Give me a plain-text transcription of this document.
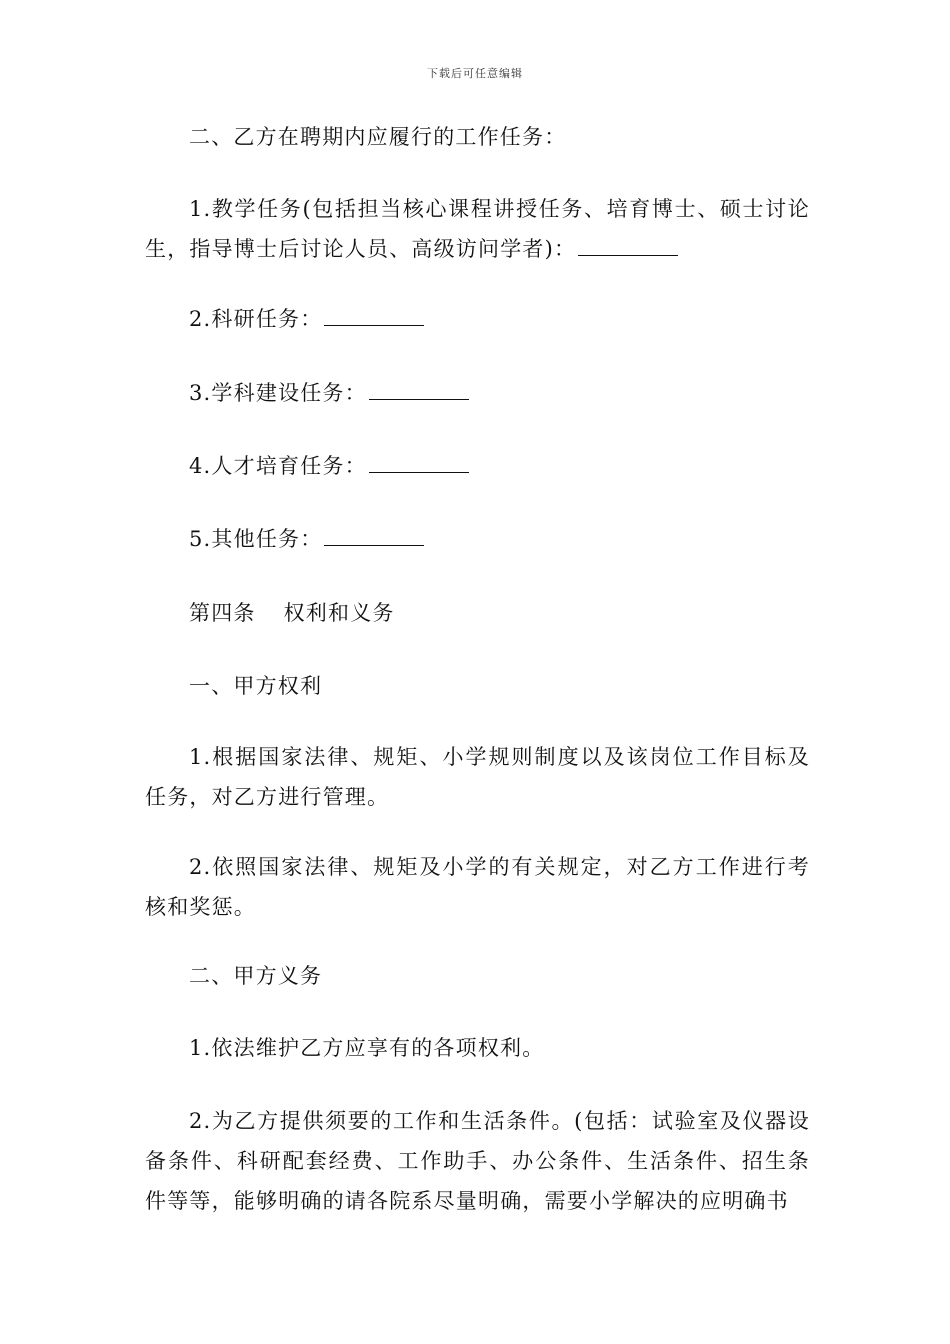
下载后可任意编辑

二、乙方在聘期内应履行的工作任务：

1.教学任务(包括担当核心课程讲授任务、培育博士、硕士讨论生，指导博士后讨论人员、高级访问学者)：

2.科研任务：

3.学科建设任务：

4.人才培育任务：

5.其他任务：

第四条 权利和义务

一、甲方权利

1.根据国家法律、规矩、小学规则制度以及该岗位工作目标及任务，对乙方进行管理。

2.依照国家法律、规矩及小学的有关规定，对乙方工作进行考核和奖惩。

二、甲方义务

1.依法维护乙方应享有的各项权利。

2.为乙方提供须要的工作和生活条件。(包括：试验室及仪器设备条件、科研配套经费、工作助手、办公条件、生活条件、招生条件等等，能够明确的请各院系尽量明确，需要小学解决的应明确书
